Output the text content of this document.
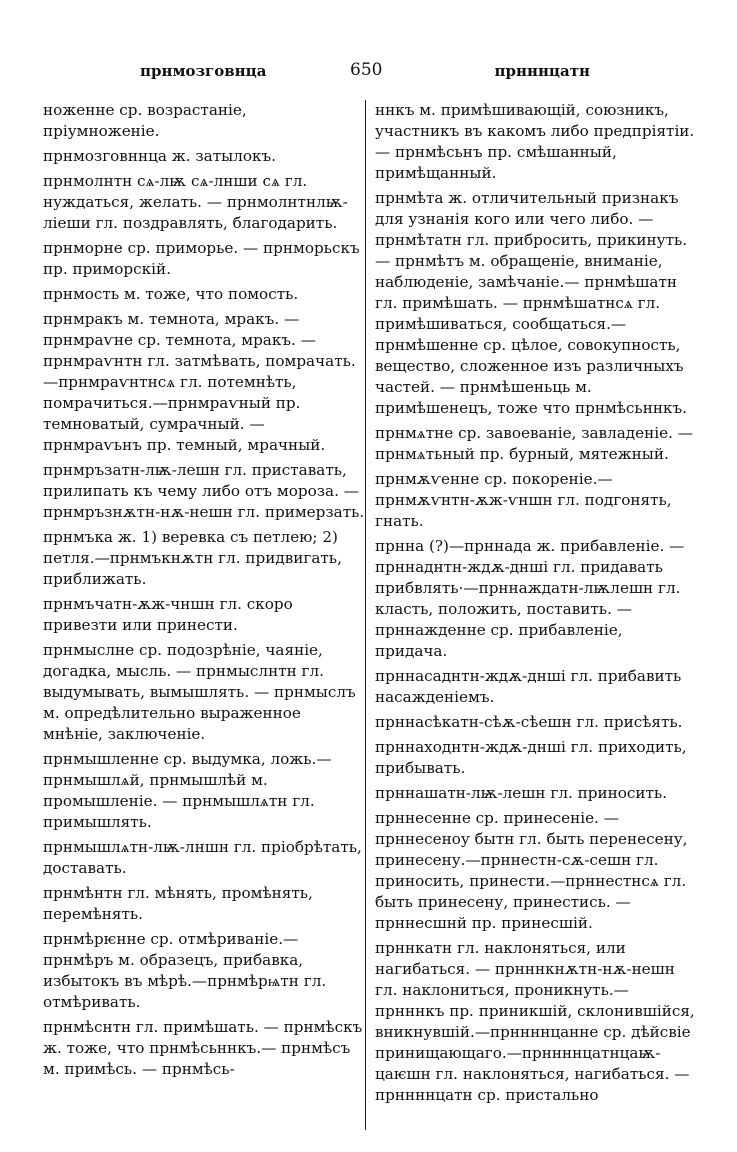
прнмозговнца	650	прнннцатн
ноженне ср. возрастаніе, пріумноженіе.
прнмозговннца ж. затылокъ.
прнмолнтн сѧ-лѭ сѧ-лнши сѧ гл. нуждаться, желать. — прнмолнтнлѭ-ліеши гл. поздравлять, благодарить.
прнморне ср. приморье. — прнморьскъ пр. приморскій.
прнмость м. тоже, что помость.
прнмракъ м. темнота, мракъ. — прнмраѵне ср. темнота, мракъ. — прнмраѵнтн гл. затмѣвать, помрачать. —прнмраѵнтнсѧ гл. потемнѣть, помрачиться.—прнмраѵный пр. темноватый, сумрачный. — прнмраѵьнъ пр. темный, мрачный.
прнмръзатн-лѭ-лешн гл. приставать, прилипать къ чему либо отъ мороза. — прнмръзнѫтн-нѫ-нешн гл. примерзать.
прнмъка ж. 1) веревка съ петлею; 2) петля.—прнмъкнѫтн гл. придвигать, приближать.
прнмъчатн-ѫж-чншн гл. скоро привезти или принести.
прнмыслне ср. подозрѣніе, чаяніе, догадка, мысль. — прнмыслнтн гл. выдумывать, вымышлять. — прнмыслъ м. опредѣлительно выраженное мнѣніе, заключеніе.
прнмышленне ср. выдумка, ложь.— прнмышлѧй, прнмышлѣй м. промышленіе. — прнмышлѧтн гл. примышлять.
прнмышлѧтн-лѭ-лншн гл. пріобрѣтать, доставать.
прнмѣнтн гл. мѣнять, промѣнять, перемѣнять.
прнмѣрѥнне ср. отмѣриваніе.—прнмѣръ м. образецъ, прибавка, избытокъ въ мѣрѣ.—прнмѣрѩтн гл. отмѣривать.
прнмѣснтн гл. примѣшать. — прнмѣскъ ж. тоже, что прнмѣсьннкъ.— прнмѣсъ м. примѣсь. — прнмѣсь-
ннкъ м. примѣшивающій, союзникъ, участникъ въ какомъ либо предпріятіи. — прнмѣсьнъ пр. смѣшанный, примѣщанный.
прнмѣта ж. отличительный признакъ для узнанія кого или чего либо. — прнмѣтатн гл. прибросить, прикинуть. — прнмѣтъ м. обращеніе, вниманіе, наблюденіе, замѣчаніе.— прнмѣшатн гл. примѣшать. — прнмѣшатнсѧ гл. примѣшиваться, сообщаться.— прнмѣшенне ср. цѣлое, совокупность, вещество, сложенное изъ различныхъ частей. — прнмѣшеньць м. примѣшенецъ, тоже что прнмѣсьннкъ.
прнмѧтне ср. завоеваніе, завладеніе. —прнмѧтьный пр. бурный, мятежный.
прнмѫѵенне ср. покореніе.—прнмѫѵнтн-ѫж-ѵншн гл. подгонять, гнать.
прнна (?)—прннада ж. прибавленіе. —прннаднтн-ждѫ-днші гл. придавать прибвлять·—прннаждатн-лѭлешн гл. класть, положить, поставить. — прннажденне ср. прибавленіе, придача.
прннасаднтн-ждѫ-днші гл. прибавить насажденіемъ.
прннасѣкатн-сѣѫ-сѣешн гл. присѣять.
прннаходнтн-ждѫ-днші гл. приходить, прибывать.
прннашатн-лѭ-лешн гл. приносить.
прннесенне ср. принесеніе. — прннесеноу бытн гл. быть перенесену, принесену.—прннестн-сѫ-сешн гл. приносить, принести.—прннестнсѧ гл. быть принесену, принестись. — прннесшнй пр. принесшій.
прннкатн гл. наклоняться, или нагибаться. — прнннкнѫтн-нѫ-нешн гл. наклониться, проникнуть.—прнннкъ пр. приникшій, склонившійся, вникнувшій.—прннннцанне ср. дѣйсвіе принищающаго.—прннннцатнцаѭ-цаѥшн гл. наклоняться, нагибаться. —прннннцатн ср. пристально
